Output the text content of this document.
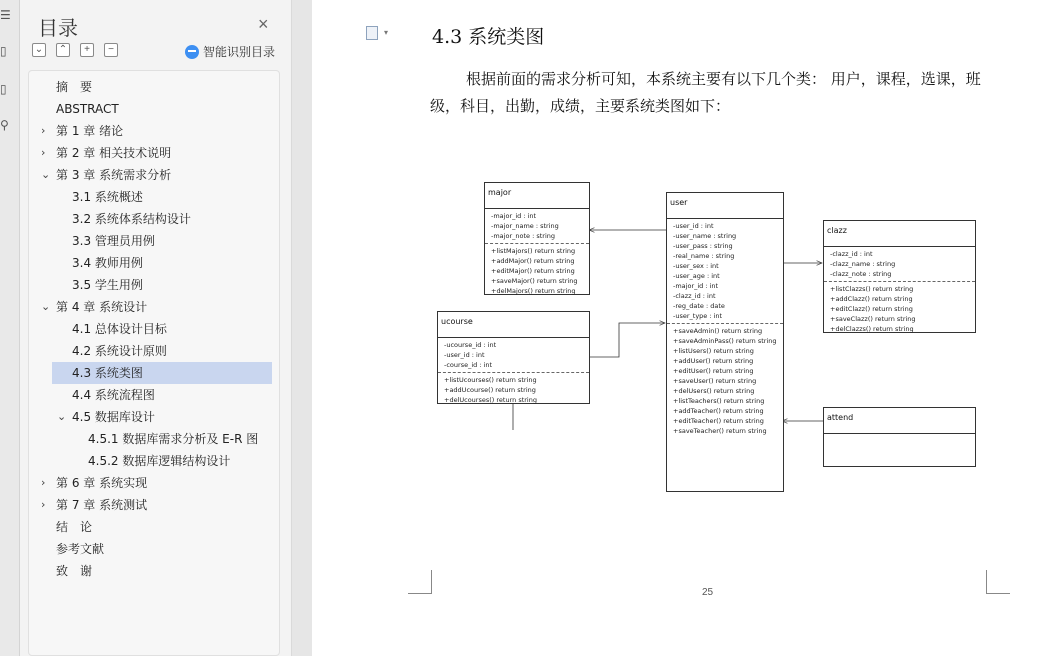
☰
▯
▯
⚲
目录	×
⌄ ⌃	+	−	智能识别目录
摘　要
ABSTRACT
› 第 1 章 绪论
› 第 2 章 相关技术说明
⌄ 第 3 章 系统需求分析
3.1 系统概述
3.2 系统体系结构设计
3.3 管理员用例
3.4 教师用例
3.5 学生用例
⌄ 第 4 章 系统设计
4.1 总体设计目标
4.2 系统设计原则
4.3 系统类图
4.4 系统流程图
⌄ 4.5 数据库设计
4.5.1 数据库需求分析及 E-R 图
4.5.2 数据库逻辑结构设计
› 第 6 章 系统实现
› 第 7 章 系统测试
结　论
参考文献
致　谢
▾ 4.3 系统类图
根据前面的需求分析可知，本系统主要有以下几个类： 用户，课程，选课，班级，科目，出勤，成绩，主要系统类图如下：
major
-major_id : int
-major_name : string
-major_note : string
+listMajors() return string
+addMajor() return string
+editMajor() return string
+saveMajor() return string
+delMajors() return string
user
-user_id : int
-user_name : string
-user_pass : string
-real_name : string
-user_sex : int
-user_age : int
-major_id : int
-clazz_id : int
-reg_date : date
-user_type : int
+saveAdmin() return string
+saveAdminPass() return string
+listUsers() return string
+addUser() return string
+editUser() return string
+saveUser() return string
+delUsers() return string
+listTeachers() return string
+addTeacher() return string
+editTeacher() return string
+saveTeacher() return string
clazz
-clazz_id : int
-clazz_name : string
-clazz_note : string
+listClazzs() return string
+addClazz() return string
+editClazz() return string
+saveClazz() return string
+delClazzs() return string
ucourse
-ucourse_id : int
-user_id : int
-course_id : int
+listUcourses() return string
+addUcourse() return string
+delUcourses() return string
attend
25
